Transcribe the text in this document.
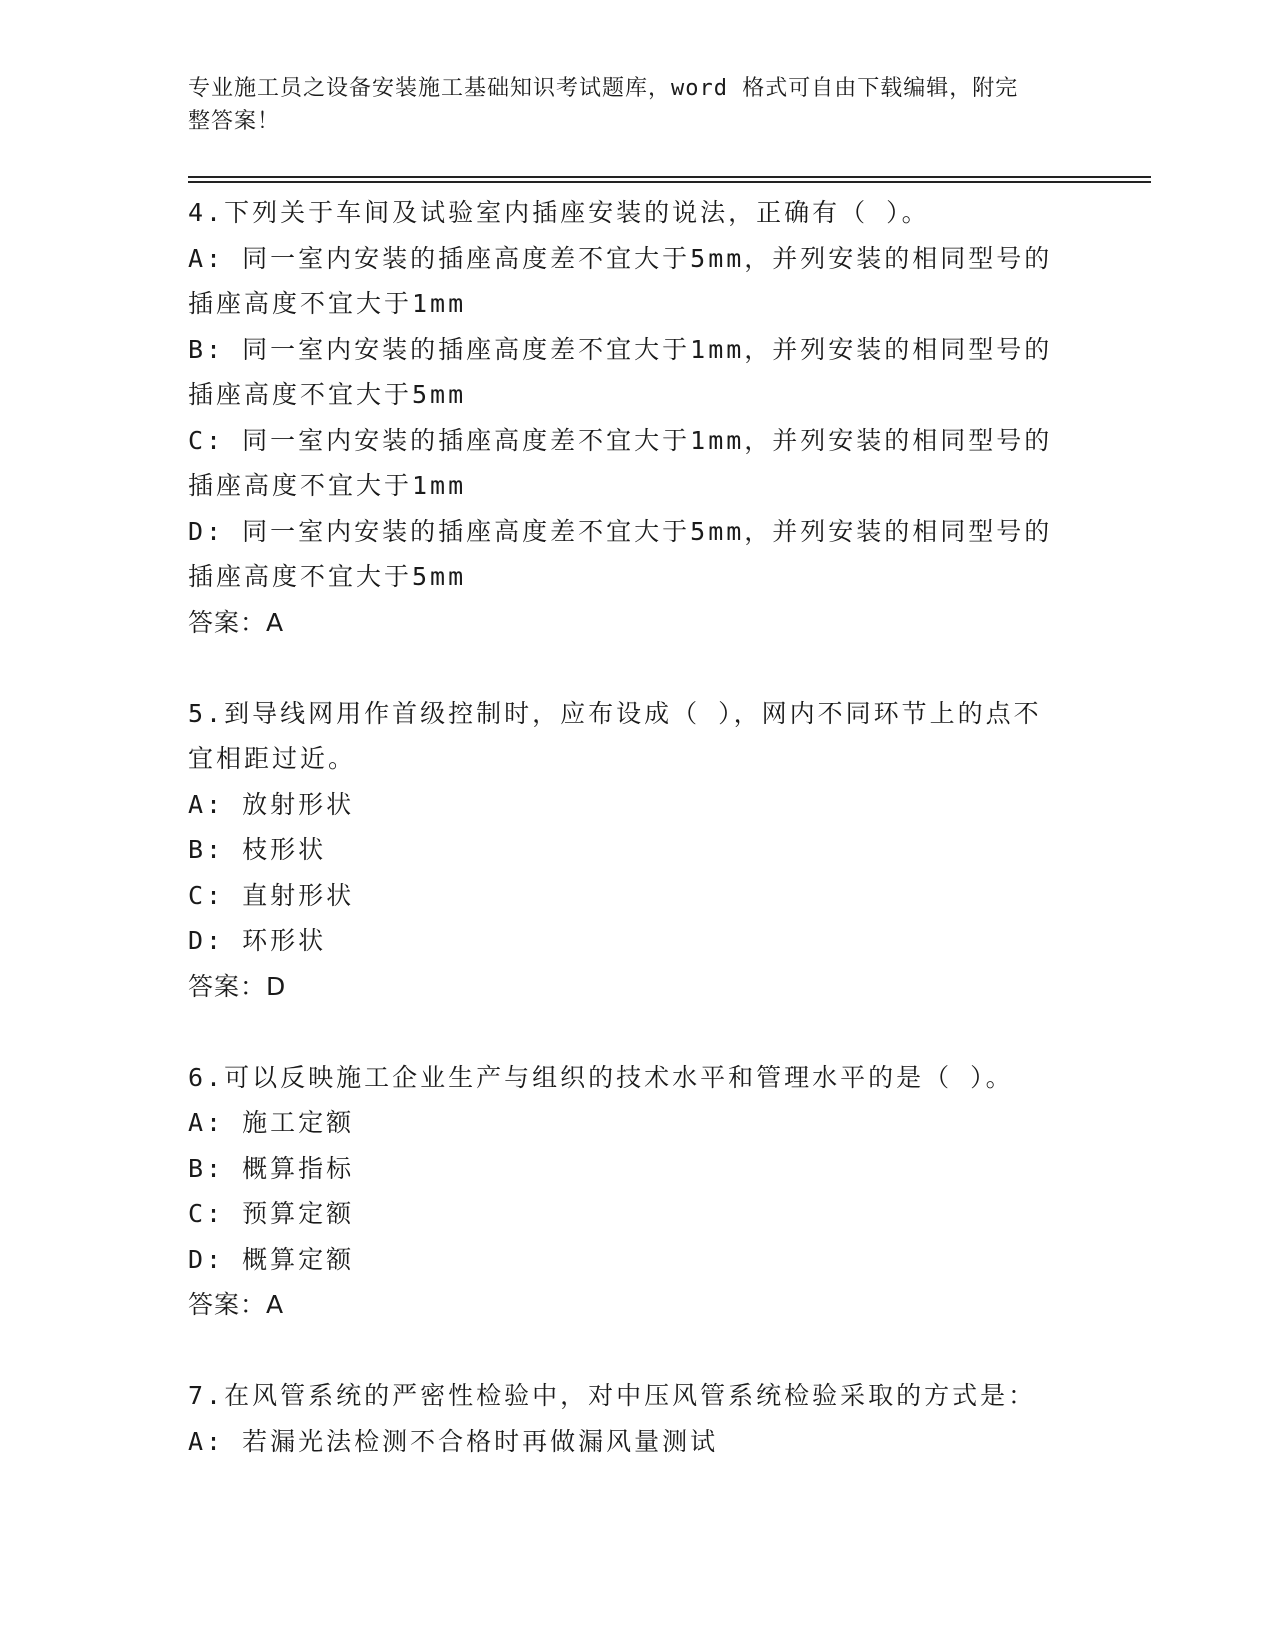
专业施工员之设备安装施工基础知识考试题库，word 格式可自由下载编辑，附完
整答案！
4.下列关于车间及试验室内插座安装的说法，正确有（ ）。
A: 同一室内安装的插座高度差不宜大于5mm，并列安装的相同型号的
插座高度不宜大于1mm
B: 同一室内安装的插座高度差不宜大于1mm，并列安装的相同型号的
插座高度不宜大于5mm
C: 同一室内安装的插座高度差不宜大于1mm，并列安装的相同型号的
插座高度不宜大于1mm
D: 同一室内安装的插座高度差不宜大于5mm，并列安装的相同型号的
插座高度不宜大于5mm
答案：A
5.到导线网用作首级控制时，应布设成（ ），网内不同环节上的点不
宜相距过近。
A: 放射形状
B: 枝形状
C: 直射形状
D: 环形状
答案：D
6.可以反映施工企业生产与组织的技术水平和管理水平的是（ ）。
A: 施工定额
B: 概算指标
C: 预算定额
D: 概算定额
答案：A
7.在风管系统的严密性检验中，对中压风管系统检验采取的方式是：
A: 若漏光法检测不合格时再做漏风量测试
